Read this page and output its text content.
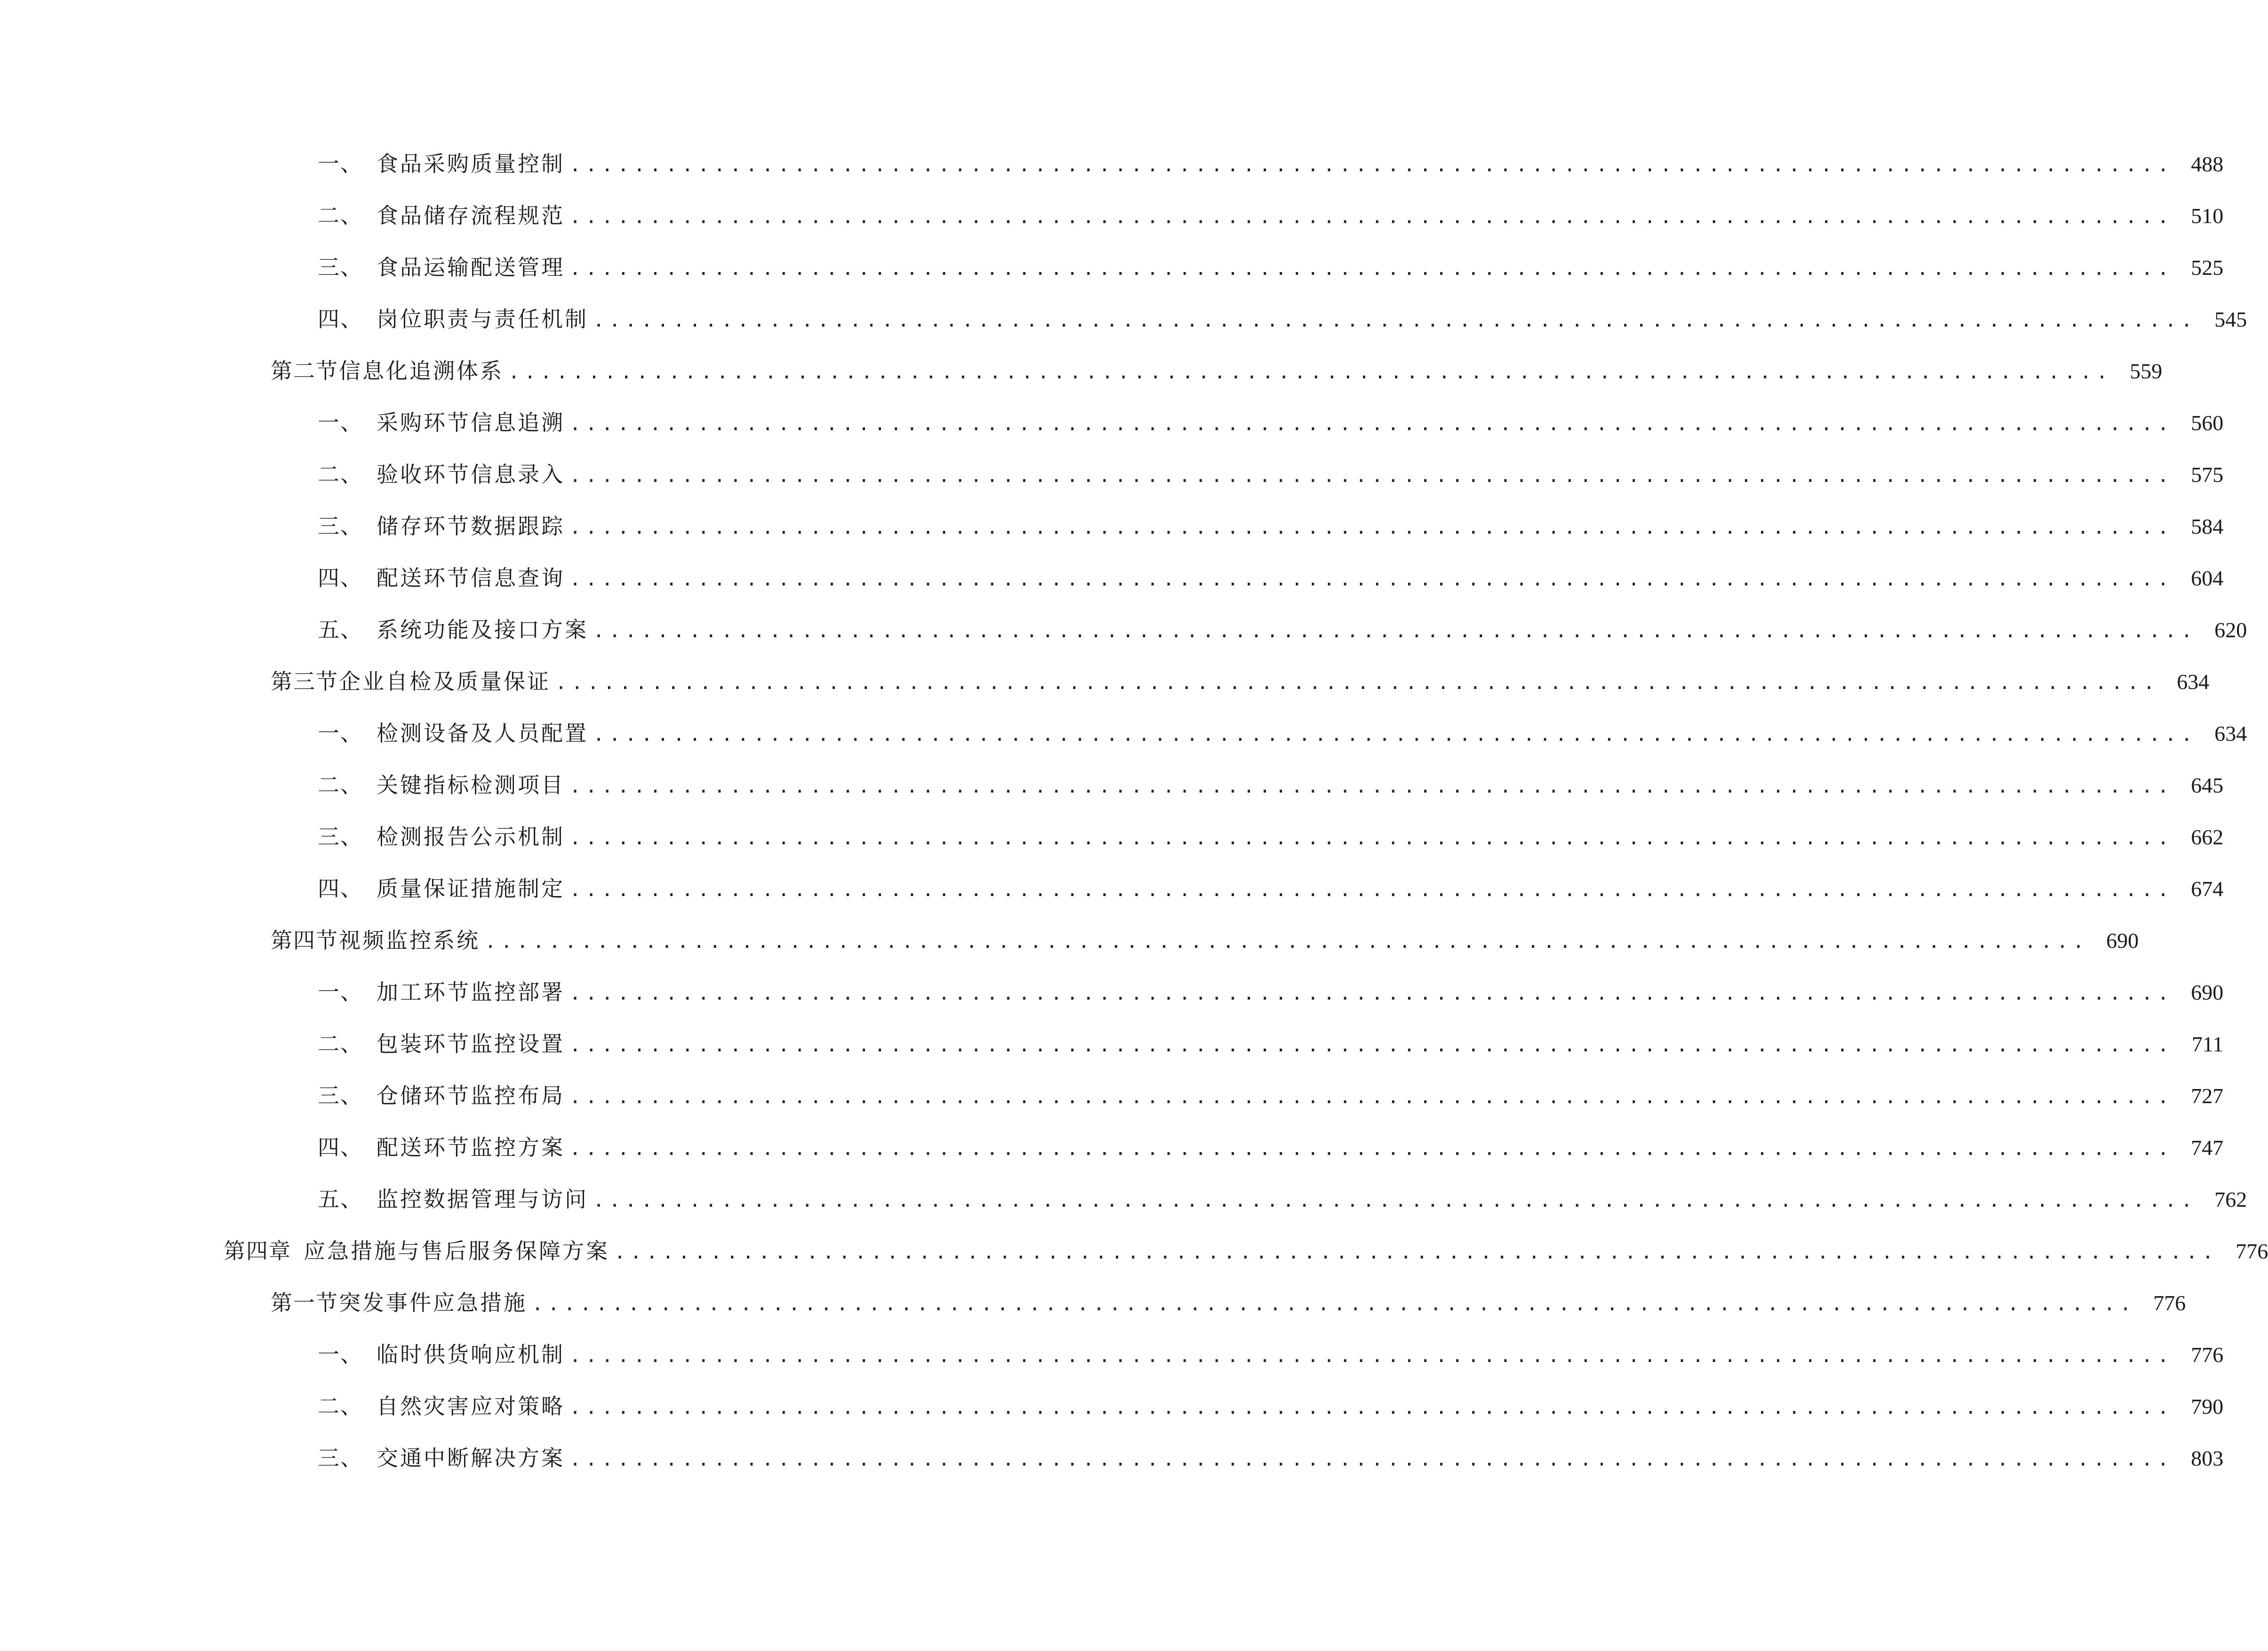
一、 食品采购质量控制 .................................................................................................... 488
二、 食品储存流程规范 .................................................................................................... 510
三、 食品运输配送管理 .................................................................................................... 525
四、 岗位职责与责任机制 .................................................................................................... 545
第二节 信息化追溯体系 .................................................................................................... 559
一、 采购环节信息追溯 .................................................................................................... 560
二、 验收环节信息录入 .................................................................................................... 575
三、 储存环节数据跟踪 .................................................................................................... 584
四、 配送环节信息查询 .................................................................................................... 604
五、 系统功能及接口方案 .................................................................................................... 620
第三节 企业自检及质量保证 .................................................................................................... 634
一、 检测设备及人员配置 .................................................................................................... 634
二、 关键指标检测项目 .................................................................................................... 645
三、 检测报告公示机制 .................................................................................................... 662
四、 质量保证措施制定 .................................................................................................... 674
第四节 视频监控系统 .................................................................................................... 690
一、 加工环节监控部署 .................................................................................................... 690
二、 包装环节监控设置 .................................................................................................... 711
三、 仓储环节监控布局 .................................................................................................... 727
四、 配送环节监控方案 .................................................................................................... 747
五、 监控数据管理与访问 .................................................................................................... 762
第四章 应急措施与售后服务保障方案 .................................................................................................... 776
第一节 突发事件应急措施 .................................................................................................... 776
一、 临时供货响应机制 .................................................................................................... 776
二、 自然灾害应对策略 .................................................................................................... 790
三、 交通中断解决方案 .................................................................................................... 803
